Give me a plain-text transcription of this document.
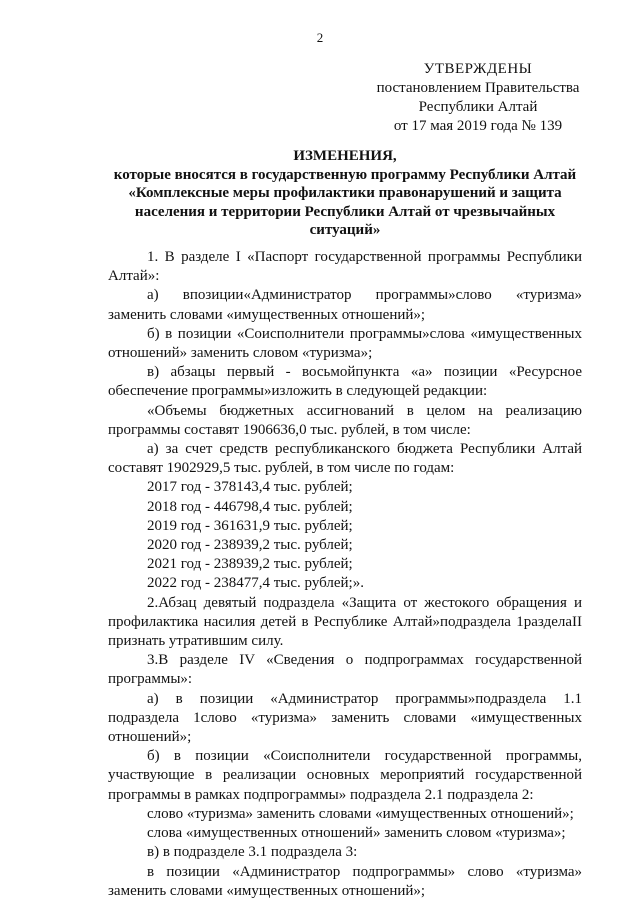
2
УТВЕРЖДЕНЫ
постановлением Правительства
Республики Алтай
от 17 мая 2019 года № 139
ИЗМЕНЕНИЯ,
которые вносятся в государственную программу Республики Алтай
«Комплексные меры профилактики правонарушений и защита
населения и территории Республики Алтай от чрезвычайных
ситуаций»

1. В разделе I «Паспорт государственной программы Республики Алтай»:

а) впозиции«Администратор программы»слово «туризма» заменить словами «имущественных отношений»;

б) в позиции «Соисполнители программы»слова «имущественных отношений» заменить словом «туризма»;

в) абзацы первый - восьмойпункта «а» позиции «Ресурсное обеспечение программы»изложить в следующей редакции:

«Объемы бюджетных ассигнований в целом на реализацию программы составят 1906636,0 тыс. рублей, в том числе:

а) за счет средств республиканского бюджета Республики Алтай составят 1902929,5 тыс. рублей, в том числе по годам:

2017 год - 378143,4 тыс. рублей;

2018 год - 446798,4 тыс. рублей;

2019 год - 361631,9 тыс. рублей;

2020 год - 238939,2 тыс. рублей;

2021 год - 238939,2 тыс. рублей;

2022 год - 238477,4 тыс. рублей;».

2.Абзац девятый подраздела «Защита от жестокого обращения и профилактика насилия детей в Республике Алтай»подраздела 1разделаII признать утратившим силу.

3.В разделе IV «Сведения о подпрограммах государственной программы»:

а) в позиции «Администратор программы»подраздела 1.1 подраздела 1слово «туризма» заменить словами «имущественных отношений»;

б) в позиции «Соисполнители государственной программы, участвующие в реализации основных мероприятий государственной программы в рамках подпрограммы» подраздела 2.1 подраздела 2:

слово «туризма» заменить словами «имущественных отношений»;

слова «имущественных отношений» заменить словом «туризма»;

в) в подразделе 3.1 подраздела 3:

в позиции «Администратор подпрограммы» слово «туризма» заменить словами «имущественных отношений»;
